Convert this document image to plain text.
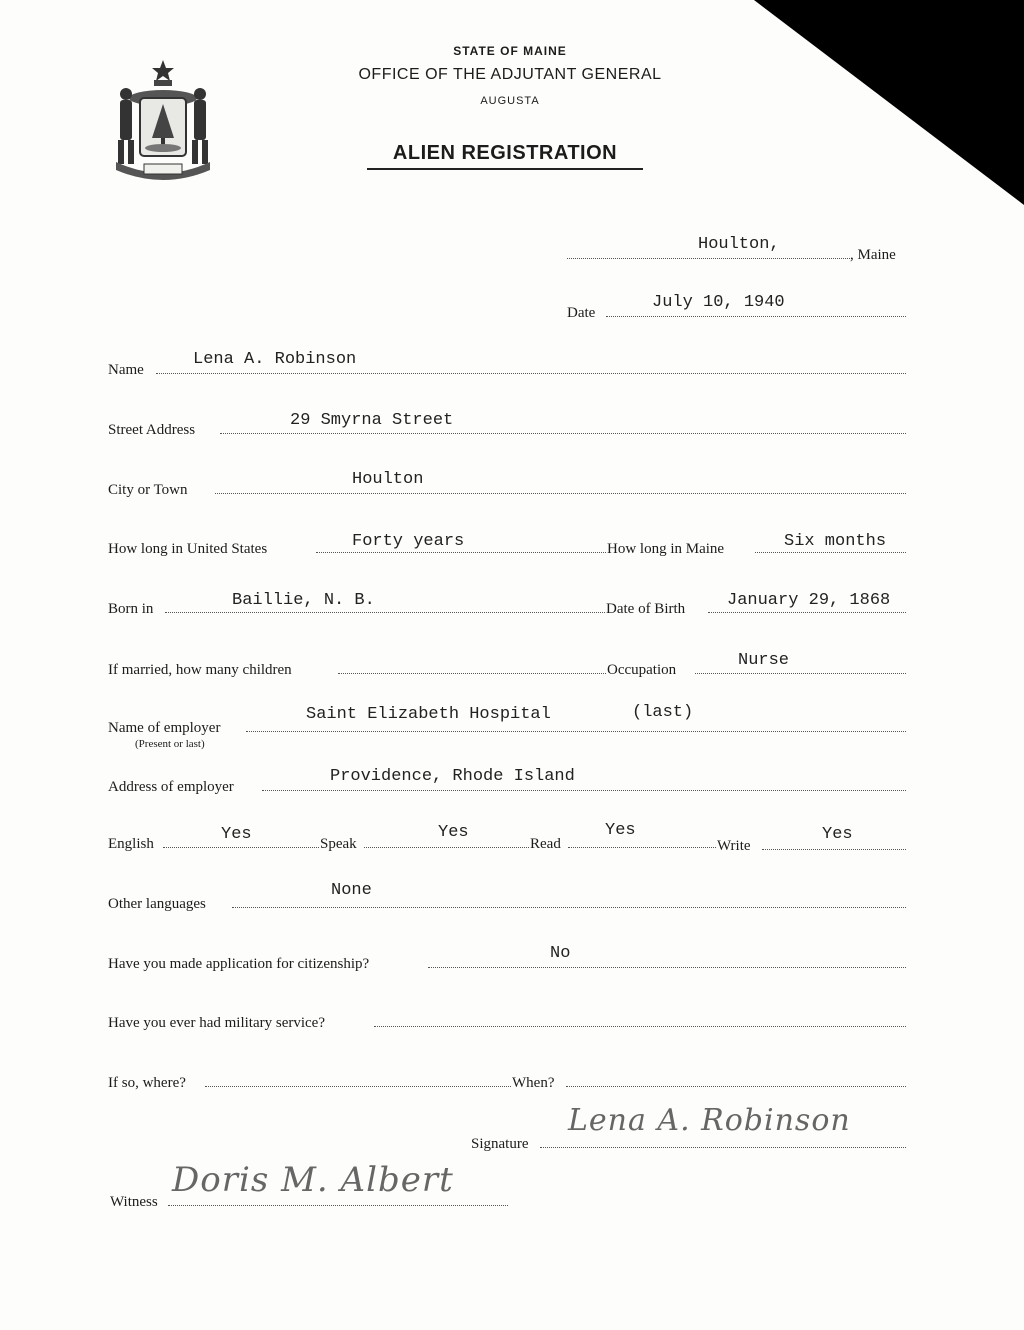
STATE OF MAINE
OFFICE OF THE ADJUTANT GENERAL
AUGUSTA
ALIEN REGISTRATION
Houlton,
, Maine
Date
July 10, 1940
Name
Lena A. Robinson
Street Address	29 Smyrna Street
City or Town
Houlton
How long in United States	Forty years	How long in Maine	Six months
Born in	Baillie, N. B.	Date of Birth January 29, 1868
If married, how many children	Occupation	Nurse
Name of employer
(Present or last)
Saint Elizabeth Hospital	(last)
Address of employer
Providence, Rhode Island
English	Yes	Speak
Yes
Read
Yes
Write
Yes
Other languages
None
Have you made application for citizenship?
No
Have you ever had military service?
If so, where?	When?
Signature
Lena A. Robinson
Witness
Doris M. Albert
